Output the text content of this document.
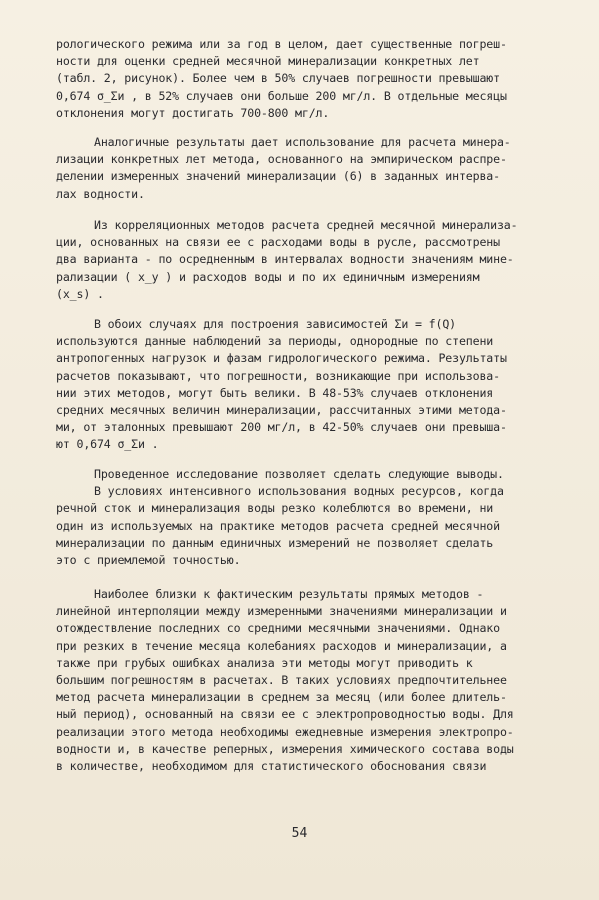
рологического режима или за год в целом, дает существенные погреш-
ности для оценки средней месячной минерализации конкретных лет
(табл. 2, рисунок). Более чем в 50% случаев погрешности превышают
0,674 σ_Σи , в 52% случаев они больше 200 мг/л. В отдельные месяцы
отклонения могут достигать 700-800 мг/л.
Аналогичные результаты дает использование для расчета минера-
лизации конкретных лет метода, основанного на эмпирическом распре-
делении измеренных значений минерализации (6) в заданных интерва-
лах водности.
Из корреляционных методов расчета средней месячной минерализа-
ции, основанных на связи ее с расходами воды в русле, рассмотрены
два варианта - по осредненным в интервалах водности значениям мине-
рализации ( x_y ) и расходов воды и по их единичным измерениям
(x_s) .
В обоих случаях для построения зависимостей Σи = f(Q)
используются данные наблюдений за периоды, однородные по степени
антропогенных нагрузок и фазам гидрологического режима. Результаты
расчетов показывают, что погрешности, возникающие при использова-
нии этих методов, могут быть велики. В 48-53% случаев отклонения
средних месячных величин минерализации, рассчитанных этими метода-
ми, от эталонных превышают 200 мг/л, в 42-50% случаев они превыша-
ют 0,674 σ_Σи .
Проведенное исследование позволяет сделать следующие выводы.
В условиях интенсивного использования водных ресурсов, когда
речной сток и минерализация воды резко колеблются во времени, ни
один из используемых на практике методов расчета средней месячной
минерализации по данным единичных измерений не позволяет сделать
это с приемлемой точностью.
Наиболее близки к фактическим результаты прямых методов -
линейной интерполяции между измеренными значениями минерализации и
отождествление последних со средними месячными значениями. Однако
при резких в течение месяца колебаниях расходов и минерализации, а
также при грубых ошибках анализа эти методы могут приводить к
большим погрешностям в расчетах. В таких условиях предпочтительнее
метод расчета минерализации в среднем за месяц (или более длитель-
ный период), основанный на связи ее с электропроводностью воды. Для
реализации этого метода необходимы ежедневные измерения электропро-
водности и, в качестве реперных, измерения химического состава воды
в количестве, необходимом для статистического обоснования связи
54
